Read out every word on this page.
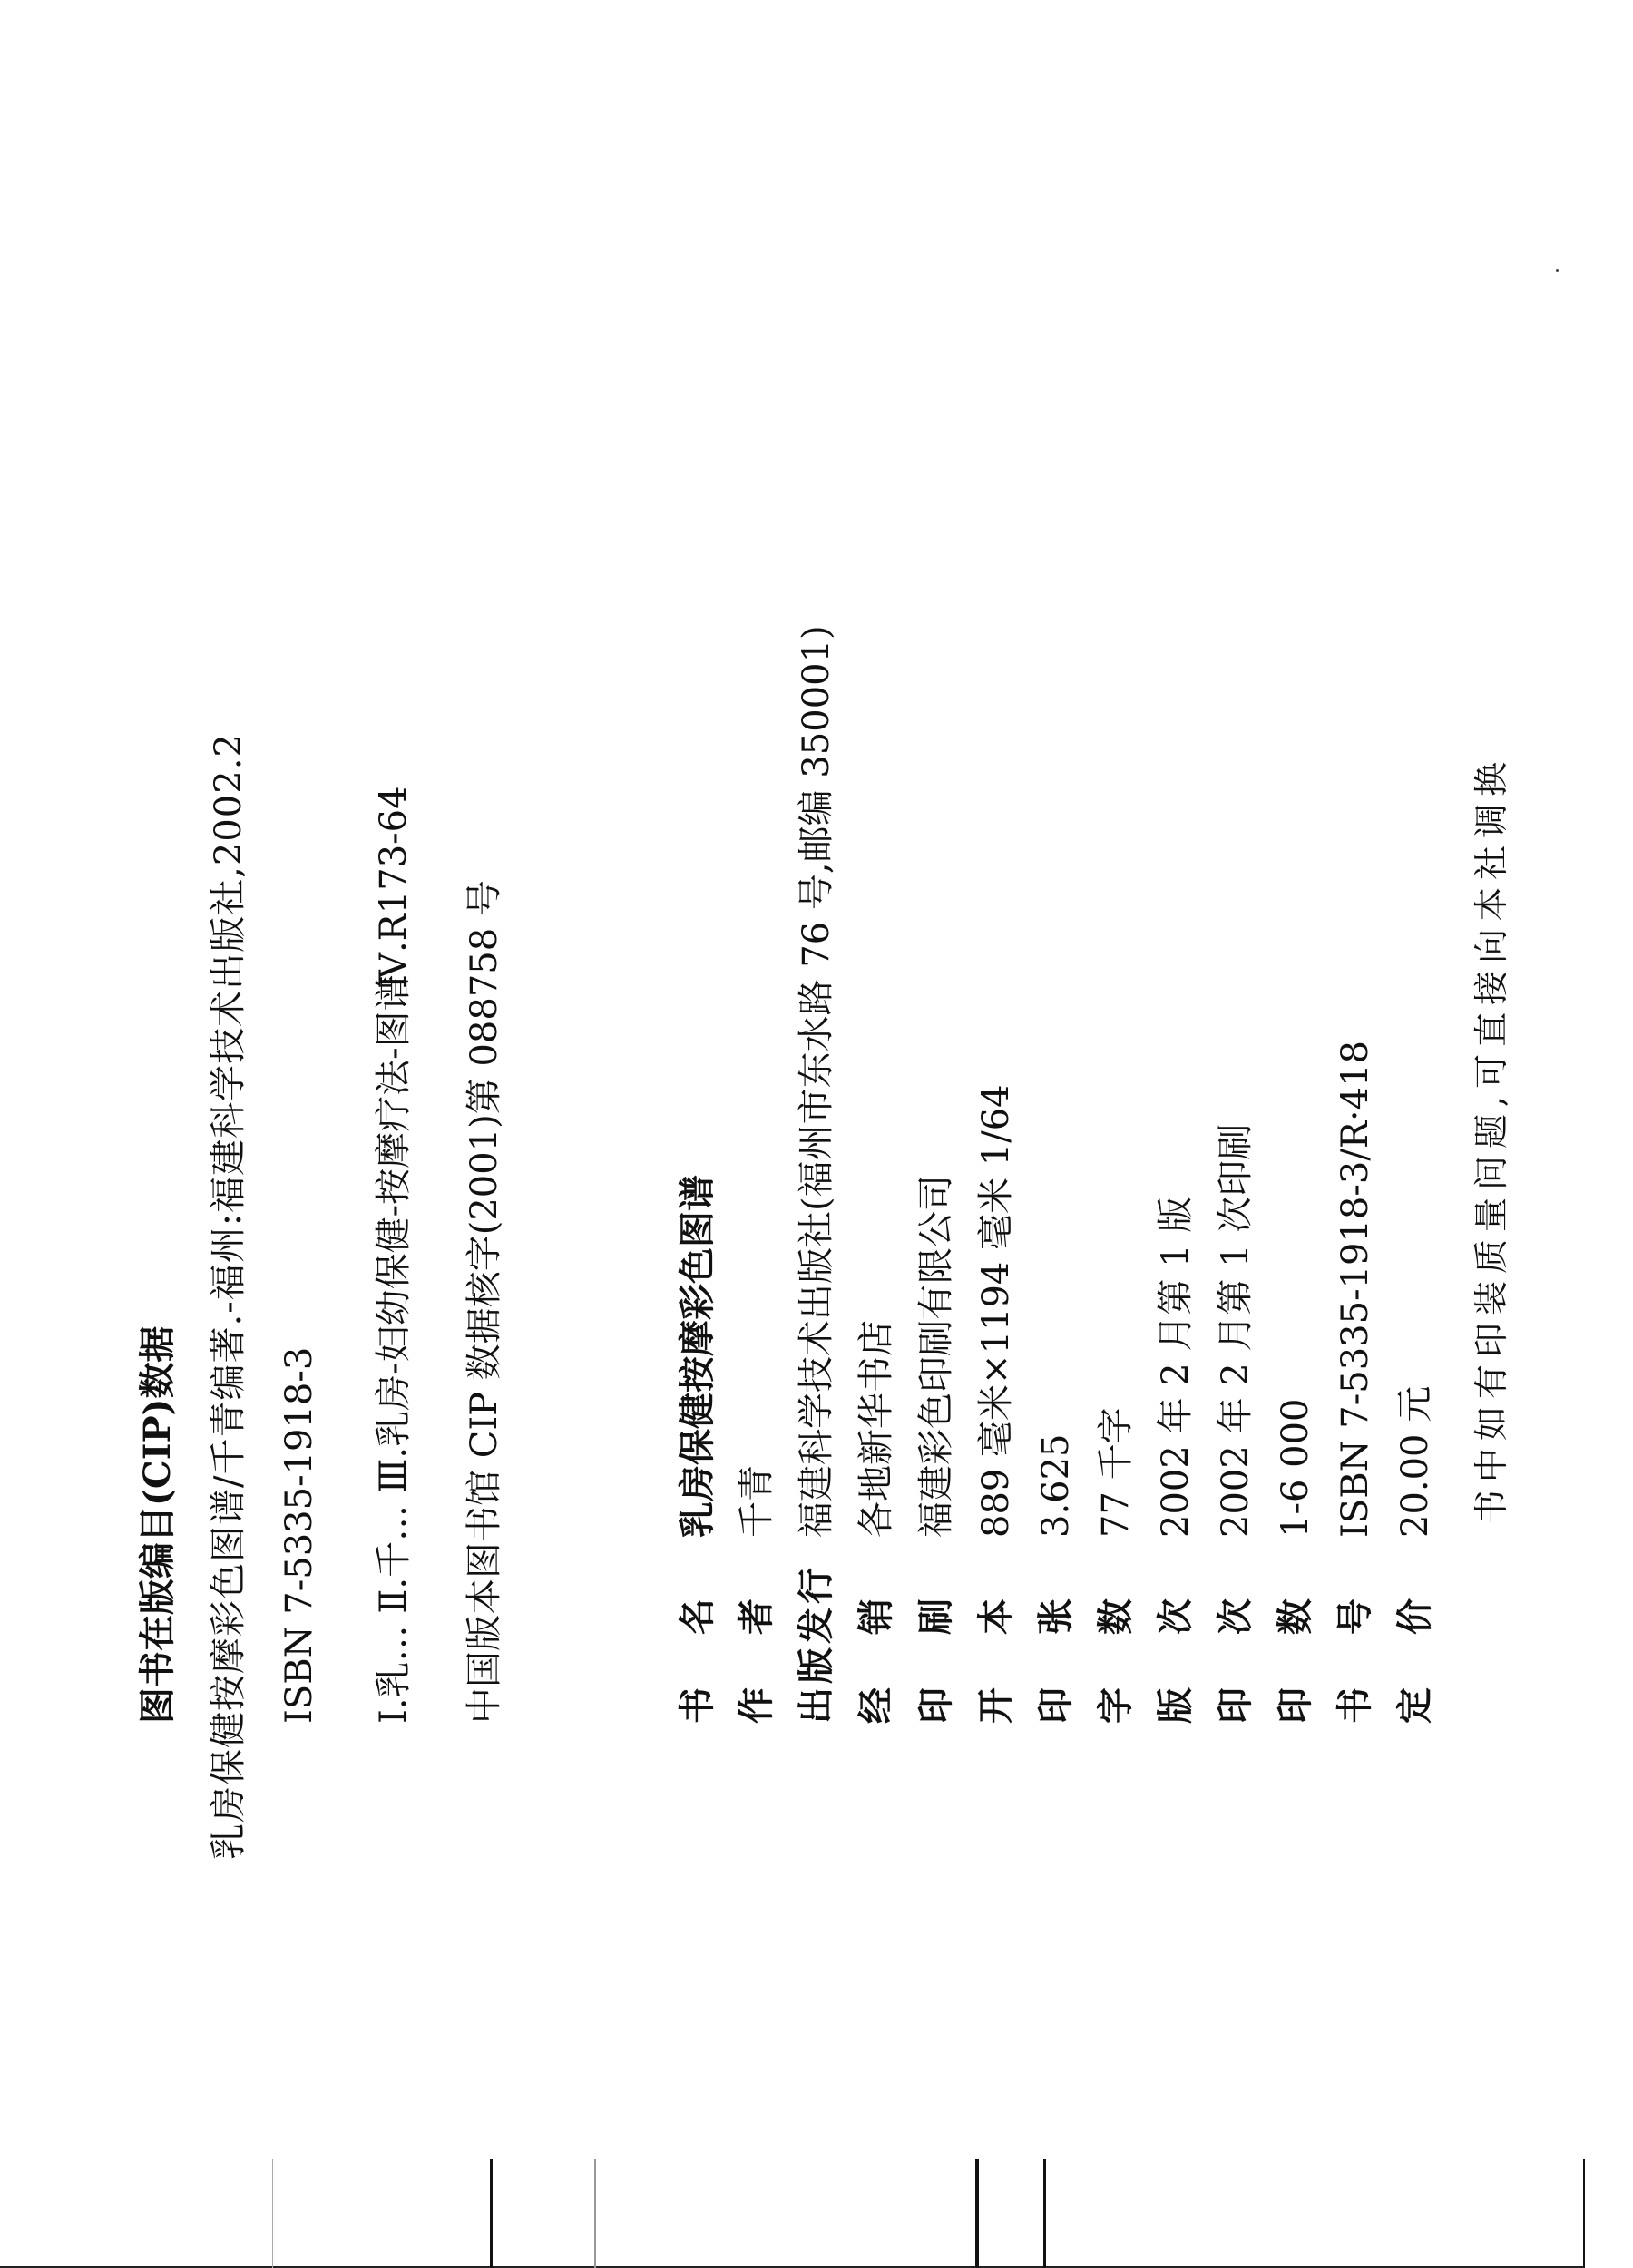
图书在版编目(CIP)数据 乳房保健按摩彩色图谱/千青编著.-福州:福建科学技术出版社,2002.2 ISBN 7-5335-1918-3 Ⅰ.乳… Ⅱ.千… Ⅲ.乳房-妇幼保健-按摩疗法-图谱
Ⅳ.R173-64 中国版本图书馆 CIP 数据核字(2001)第 088758 号	书名
乳房保健按摩彩色图谱
作者
千青
出版发行
福建科学技术出版社(福州市东水路 76 号,邮编 350001)
经销
各地新华书店
印刷
福建彩色印刷有限公司
开本
889 毫米×1194 毫米 1/64
印张
3.625
字数
77 千字
版次
2002 年 2 月第 1 版
印次
2002 年 2 月第 1 次印刷
印数
1-6 000
书号
ISBN 7-5335-1918-3/R·418
定价
20.00 元 书中如有印装质量问题,可直接向本社调换
